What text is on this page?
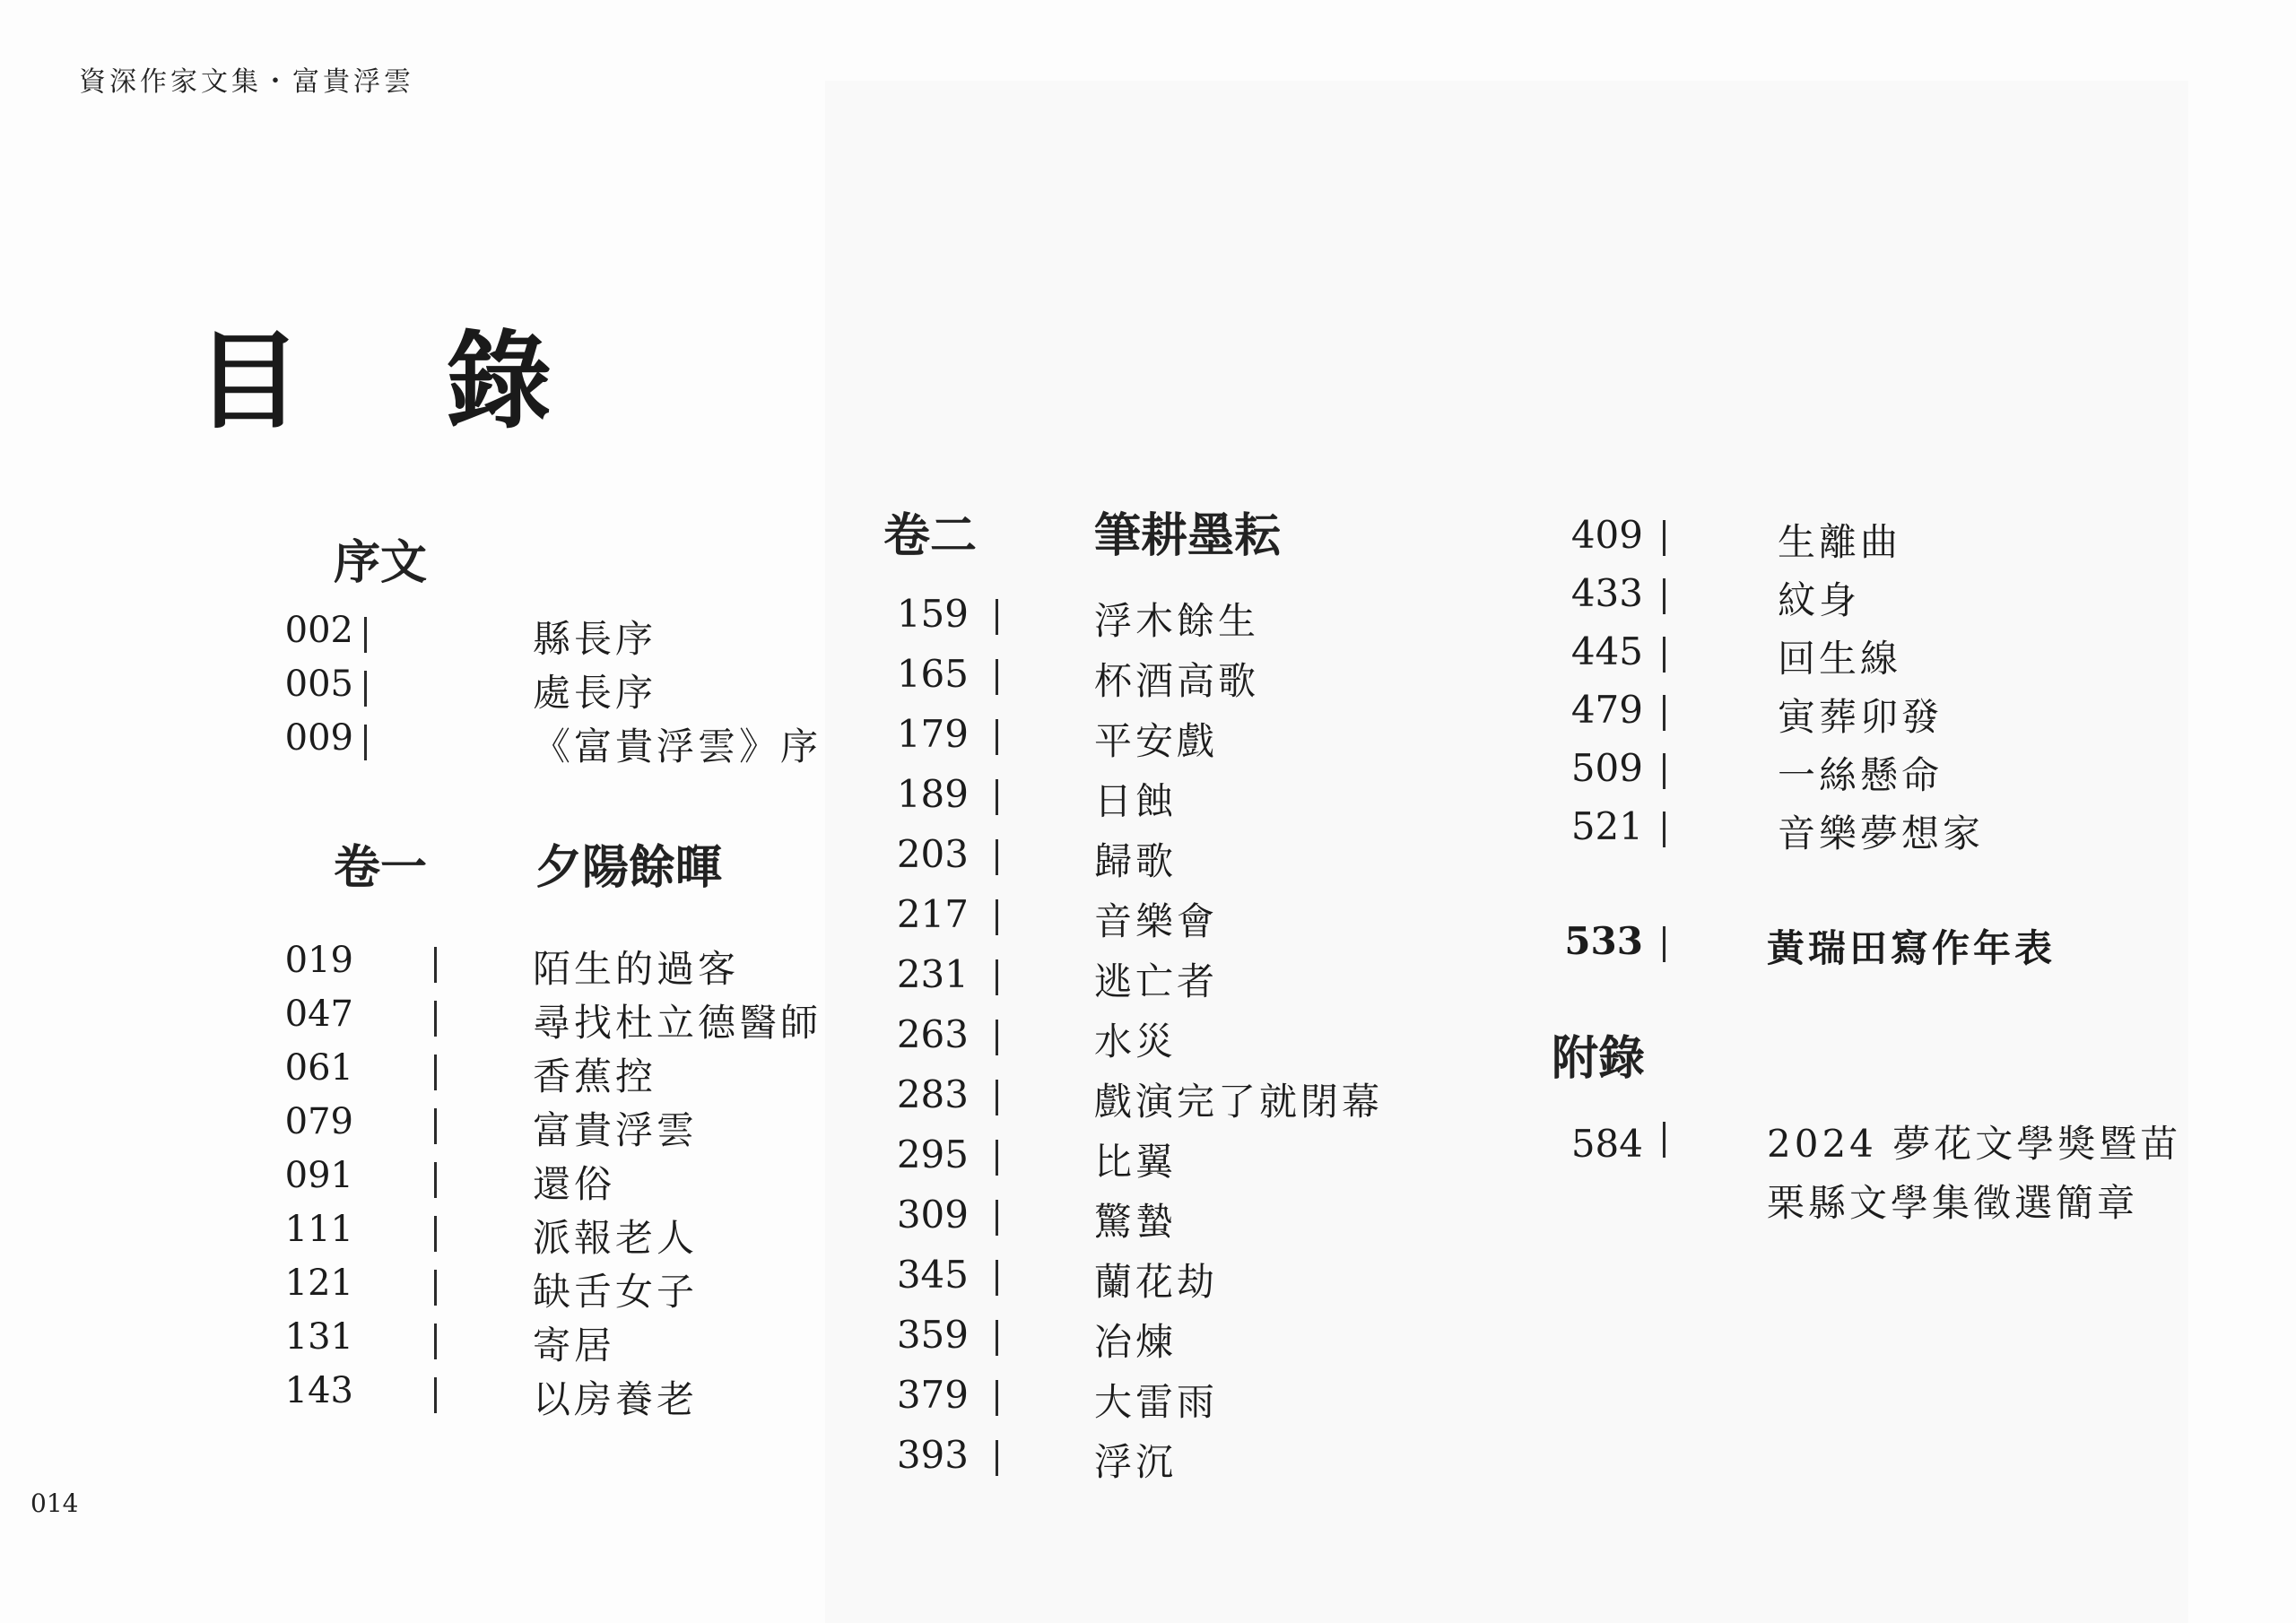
資深作家文集・富貴浮雲
目 錄
序文
002	縣長序
005	處長序
009	《富貴浮雲》序
卷一 夕陽餘暉
019	陌生的過客
047	尋找杜立德醫師
061	香蕉控
079	富貴浮雲
091	還俗
111	派報老人
121	缺舌女子
131	寄居
143	以房養老
卷二	筆耕墨耘
159	浮木餘生
165	杯酒高歌
179	平安戲
189	日蝕
203	歸歌
217	音樂會
231	逃亡者
263	水災
283	戲演完了就閉幕
295	比翼
309	驚蟄
345	蘭花劫
359	冶煉
379	大雷雨
393	浮沉
409	生離曲
433	紋身
445	回生線
479	寅葬卯發
509	一絲懸命
521	音樂夢想家
533	黃瑞田寫作年表
附錄
584	2024 夢花文學獎暨苗
栗縣文學集徵選簡章
014
